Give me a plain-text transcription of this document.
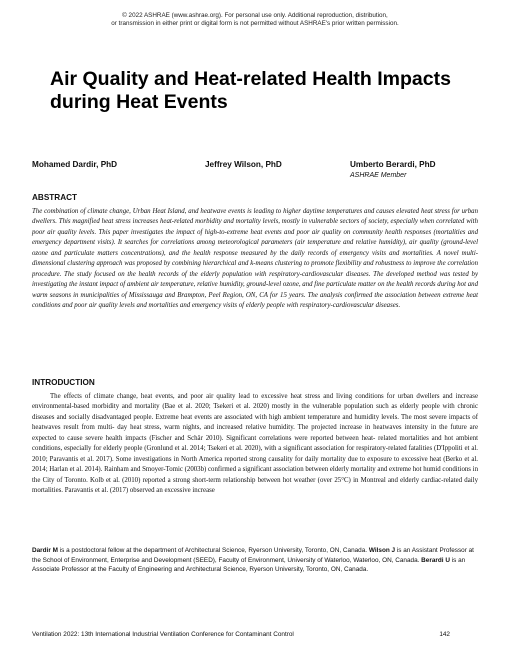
© 2022 ASHRAE (www.ashrae.org). For personal use only. Additional reproduction, distribution,
or transmission in either print or digital form is not permitted without ASHRAE's prior written permission.
Air Quality and Heat-related Health Impacts
during Heat Events
Mohamed Dardir, PhD	Jeffrey Wilson, PhD	Umberto Berardi, PhD
ASHRAE Member
ABSTRACT

The combination of climate change, Urban Heat Island, and heatwave events is leading to higher daytime temperatures and causes elevated heat stress for urban dwellers. This magnified heat stress increases heat-related morbidity and mortality levels, mostly in vulnerable sectors of society, especially when correlated with poor air quality levels. This paper investigates the impact of high-to-extreme heat events and poor air quality on community health responses (mortalities and emergency department visits). It searches for correlations among meteorological parameters (air temperature and relative humidity), air quality (ground-level ozone and particulate matters concentrations), and the health response measured by the daily records of emergency visits and mortalities. A novel multi-dimensional clustering approach was proposed by combining hierarchical and k-means clustering to promote flexibility and robustness to improve the correlation procedure. The study focused on the health records of the elderly population with respiratory-cardiovascular diseases. The developed method was tested by investigating the instant impact of ambient air temperature, relative humidity, ground-level ozone, and fine particulate matter on the health records during hot and warm seasons in municipalities of Mississauga and Brampton, Peel Region, ON, CA for 15 years. The analysis confirmed the association between extreme heat conditions and poor air quality levels and mortalities and emergency visits of elderly people with respiratory-cardiovascular diseases.

INTRODUCTION

The effects of climate change, heat events, and poor air quality lead to excessive heat stress and living conditions for urban dwellers and increase environmental-based morbidity and mortality (Bae et al. 2020; Tsekeri et al. 2020) mostly in the vulnerable population such as elderly people with chronic diseases and socially disadvantaged people. Extreme heat events are associated with high ambient temperature and humidity levels. The most severe impacts of heatwaves result from multi- day heat stress, warm nights, and increased relative humidity. The projected increase in heatwaves intensity in the future are expected to cause severe health impacts (Fischer and Schär 2010). Significant correlations were reported between heat- related mortalities and hot ambient conditions, especially for elderly people (Gronlund et al. 2014; Tsekeri et al. 2020), with a significant association for respiratory-related fatalities (D'Ippoliti et al. 2010; Paravantis et al. 2017). Some investigations in North America reported strong causality for daily mortality due to exposure to excessive heat (Berko et al. 2014; Harlan et al. 2014). Rainham and Smoyer-Tomic (2003b) confirmed a significant association between elderly mortality and extreme hot humid conditions in the City of Toronto. Kolb et al. (2010) reported a strong short-term relationship between hot weather (over 25°C) in Montreal and elderly cardiac-related daily mortalities. Paravantis et al. (2017) observed an excessive increase

Dardir M is a postdoctoral fellow at the department of Architectural Science, Ryerson University, Toronto, ON, Canada. Wilson J is an Assistant Professor at the School of Environment, Enterprise and Development (SEED), Faculty of Environment, University of Waterloo, Waterloo, ON, Canada. Berardi U is an Associate Professor at the Faculty of Engineering and Architectural Science, Ryerson University, Toronto, ON, Canada.

Ventilation 2022: 13th International Industrial Ventilation Conference for Contaminant Control	142
